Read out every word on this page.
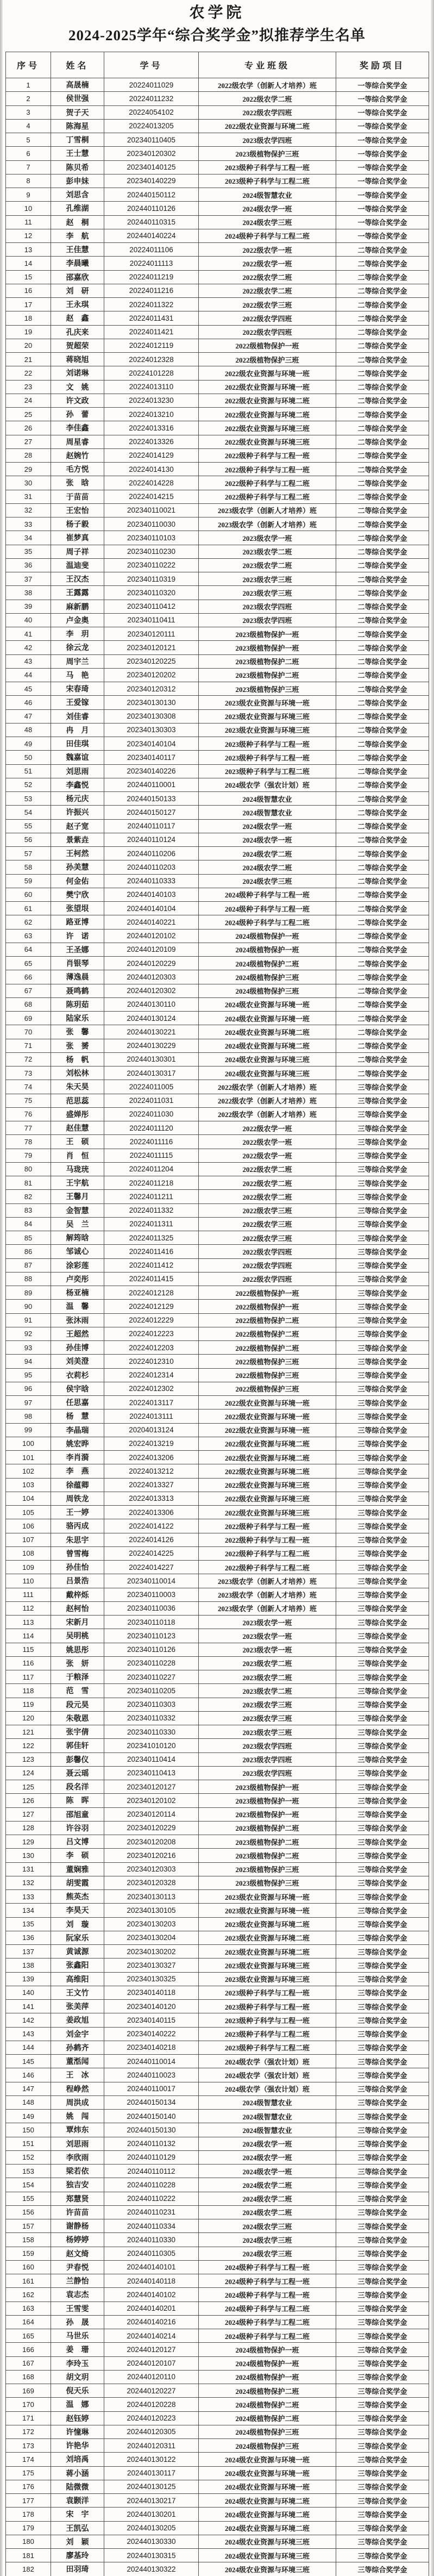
农学院
2024-2025学年“综合奖学金”拟推荐学生名单
序号	姓名	学号	专业班级	奖励项目
1	高晟楠	20224011029	2022级农学（创新人才培养）班	一等综合奖学金
2	侯世强	20224011232	2022级农学二班	一等综合奖学金
3	贺子天	20224054102	2022级农学四班	一等综合奖学金
4	陈海星	20224013205	2022级农业资源与环境二班	一等综合奖学金
5	丁雪桐	202340110405	2023级农学四班	一等综合奖学金
6	王士慧	202340120302	2023级植物保护三班	一等综合奖学金
7	陈贝希	202340140125	2023级种子科学与工程一班	一等综合奖学金
8	彭申妹	202340140229	2023级种子科学与工程二班	一等综合奖学金
9	刘思含	202440150112	2024级智慧农业	一等综合奖学金
10	孔维湖	202440110126	2024级农学一班	一等综合奖学金
11	赵　桐	202440110315	2024级农学三班	一等综合奖学金
12	李　航	202440140224	2024级种子科学与工程二班	一等综合奖学金
13	王佳慧	20224011106	2022级农学一班	二等综合奖学金
14	李晨曦	20224011113	2022级农学一班	二等综合奖学金
15	邵嘉欣	20224011219	2022级农学二班	二等综合奖学金
16	刘　研	20224011216	2022级农学二班	二等综合奖学金
17	王永琪	20224011322	2022级农学三班	二等综合奖学金
18	赵　鑫	20224011431	2022级农学四班	二等综合奖学金
19	孔庆来	20224011421	2022级农学四班	二等综合奖学金
20	贺超荣	20224012119	2022级植物保护一班	二等综合奖学金
21	蒋晓旭	20224012328	2022级植物保护三班	二等综合奖学金
22	刘诺琳	20224101228	2022级农业资源与环境一班	二等综合奖学金
23	文　姚	20224013110	2022级农业资源与环境一班	二等综合奖学金
24	许文政	20224013230	2022级农业资源与环境二班	二等综合奖学金
25	孙　蕾	20224013210	2022级农业资源与环境二班	二等综合奖学金
26	李佳鑫	20224013316	2022级农业资源与环境三班	二等综合奖学金
27	周星睿	20224013326	2022级农业资源与环境三班	二等综合奖学金
28	赵婉竹	20224014129	2022级种子科学与工程一班	二等综合奖学金
29	毛方悦	20224014130	2022级种子科学与工程一班	二等综合奖学金
30	张　晗	20224014228	2022级种子科学与工程二班	二等综合奖学金
31	于苗苗	20224014215	2022级种子科学与工程二班	二等综合奖学金
32	王宏怡	202340110021	2023级农学（创新人才培养）班	二等综合奖学金
33	杨子毅	202340110030	2023级农学（创新人才培养）班	二等综合奖学金
34	崔梦真	202340110103	2023级农学一班	二等综合奖学金
35	周子祥	202340110230	2023级农学二班	二等综合奖学金
36	温迪斐	202340110222	2023级农学二班	二等综合奖学金
37	王汉杰	202340110319	2023级农学三班	二等综合奖学金
38	王露露	202340110320	2023级农学三班	二等综合奖学金
39	麻新鹏	202340110412	2023级农学四班	二等综合奖学金
40	卢金奥	202340110411	2023级农学四班	二等综合奖学金
41	李　玥	202340120111	2023级植物保护一班	二等综合奖学金
42	徐云龙	202340120121	2023级植物保护一班	二等综合奖学金
43	周宇兰	202340120225	2023级植物保护二班	二等综合奖学金
44	马　艳	202340120202	2023级植物保护二班	二等综合奖学金
45	宋春琦	202340120312	2023级植物保护三班	二等综合奖学金
46	王爱镓	202340130130	2023级农业资源与环境一班	二等综合奖学金
47	刘佳睿	202340130308	2023级农业资源与环境三班	二等综合奖学金
48	冉　月	202340130303	2023级农业资源与环境三班	二等综合奖学金
49	田佳琪	202340140104	2023级种子科学与工程一班	二等综合奖学金
50	魏嘉谊	202340140117	2023级种子科学与工程一班	二等综合奖学金
51	刘思雨	202340140226	2023级种子科学与工程二班	二等综合奖学金
52	李鑫悦	202440110001	2024级农学（强农计划）班	二等综合奖学金
53	杨元庆	202440150133	2024级智慧农业	二等综合奖学金
54	许振兴	202440150127	2024级智慧农业	二等综合奖学金
55	赵子宽	202440110117	2024级农学一班	二等综合奖学金
56	景紫垚	202440110124	2024级农学一班	二等综合奖学金
57	王柯然	202440110206	2024级农学二班	二等综合奖学金
58	孙美慧	202440110203	2024级农学二班	二等综合奖学金
59	何金佑	202440110333	2024级农学三班	二等综合奖学金
60	樊宁欣	202440140103	2024级种子科学与工程一班	二等综合奖学金
61	张望垠	202440140104	2024级种子科学与工程一班	二等综合奖学金
62	路亚博	202440140221	2024级种子科学与工程二班	二等综合奖学金
63	许　诺	202440120102	2024级植物保护一班	二等综合奖学金
64	王圣娜	202440120109	2024级植物保护一班	二等综合奖学金
65	肖银琴	202440120229	2024级植物保护二班	二等综合奖学金
66	薄逸晨	202440120303	2024级植物保护三班	二等综合奖学金
67	聂鸣鹤	202440120302	2024级植物保护三班	二等综合奖学金
68	陈玥茹	202440130110	2024级农业资源与环境一班	二等综合奖学金
69	陆家乐	202440130124	2024级农业资源与环境一班	二等综合奖学金
70	张　馨	202440130221	2024级农业资源与环境二班	二等综合奖学金
71	张　赟	202440130229	2024级农业资源与环境二班	二等综合奖学金
72	杨　帆	202440130301	2024级农业资源与环境三班	二等综合奖学金
73	刘松林	202440130317	2024级农业资源与环境三班	二等综合奖学金
74	朱天昊	20224011005	2022级农学（创新人才培养）班	三等综合奖学金
75	范思蕊	20224011031	2022级农学（创新人才培养）班	三等综合奖学金
76	盛婵彤	20224011030	2022级农学（创新人才培养）班	三等综合奖学金
77	赵佳慧	20224011120	2022级农学一班	三等综合奖学金
78	王　硕	20224011116	2022级农学一班	三等综合奖学金
79	肖　恒	20224011115	2022级农学一班	三等综合奖学金
80	马珑珫	20224011204	2022级农学二班	三等综合奖学金
81	王宇航	20224011218	2022级农学二班	三等综合奖学金
82	王馨月	20224011211	2022级农学二班	三等综合奖学金
83	金智慧	20224011332	2022级农学三班	三等综合奖学金
84	吴　兰	20224011311	2022级农学三班	三等综合奖学金
85	解筠晗	20224011325	2022级农学三班	三等综合奖学金
86	邹诚心	20224011416	2022级农学四班	三等综合奖学金
87	涂彩莲	20224011412	2022级农学四班	三等综合奖学金
88	卢奕彤	20224011415	2022级农学四班	三等综合奖学金
89	杨亚楠	20224012128	2022级植物保护一班	三等综合奖学金
90	温　馨	20224012129	2022级植物保护一班	三等综合奖学金
91	张沐雨	20224012229	2022级植物保护二班	三等综合奖学金
92	王超然	20224012223	2022级植物保护二班	三等综合奖学金
93	孙佳博	20224012203	2022级植物保护二班	三等综合奖学金
94	刘美澄	20224012310	2022级植物保护三班	三等综合奖学金
95	衣莉杉	20224012314	2022级植物保护三班	三等综合奖学金
96	侯宇晗	20224012302	2022级植物保护三班	三等综合奖学金
97	任思嘉	20224013117	2022级农业资源与环境一班	三等综合奖学金
98	杨　慧	20224013111	2022级农业资源与环境一班	三等综合奖学金
99	李晶瑞	20204013124	2022级农业资源与环境一班	三等综合奖学金
100	姚宏晔	20224013219	2022级农业资源与环境二班	三等综合奖学金
101	李肖漪	20224013206	2022级农业资源与环境二班	三等综合奖学金
102	李　燕	20224013212	2022级农业资源与环境二班	三等综合奖学金
103	徐蕴卿	20224013327	2022级农业资源与环境三班	三等综合奖学金
104	周铁龙	20224013313	2022级农业资源与环境三班	三等综合奖学金
105	王一婷	20224013306	2022级农业资源与环境三班	三等综合奖学金
106	骆丙成	20224014122	2022级种子科学与工程一班	三等综合奖学金
107	朱思宇	20224014126	2022级种子科学与工程一班	三等综合奖学金
108	曾雪梅	20224014225	2022级种子科学与工程二班	三等综合奖学金
109	孙佳怡	20224014227	2022级种子科学与工程二班	三等综合奖学金
110	吕景浩	202340110014	2023级农学（创新人才培养）班	三等综合奖学金
111	戴梓烁	202340110003	2023级农学（创新人才培养）班	三等综合奖学金
112	赵柯怡	202340110036	2023级农学（创新人才培养）班	三等综合奖学金
113	宋新月	202340110118	2023级农学一班	三等综合奖学金
114	吴明桃	202340110123	2023级农学一班	三等综合奖学金
115	姚思彤	202340110126	2023级农学一班	三等综合奖学金
116	张　妍	202340110228	2023级农学二班	三等综合奖学金
117	于粮泽	202340110227	2023级农学二班	三等综合奖学金
118	范　雪	202340110205	2023级农学二班	三等综合奖学金
119	段元昊	202340110303	2023级农学三班	三等综合奖学金
120	朱敬恩	202340110332	2023级农学三班	三等综合奖学金
121	张宇倩	202340110330	2023级农学三班	三等综合奖学金
122	郭佳轩	202341010120	2023级农学四班	三等综合奖学金
123	彭馨仪	202340110414	2023级农学四班	三等综合奖学金
124	聂云瑶	202340110413	2023级农学四班	三等综合奖学金
125	段名洋	202340120127	2023级植物保护一班	三等综合奖学金
126	陈　晖	202340120102	2023级植物保护一班	三等综合奖学金
127	邵旭童	202340120114	2023级植物保护一班	三等综合奖学金
128	许谷羽	202340120229	2023级植物保护二班	三等综合奖学金
129	吕文博	202340120208	2023级植物保护二班	三等综合奖学金
130	李　硕	202340120216	2023级植物保护二班	三等综合奖学金
131	董娴雅	202340120303	2023级植物保护三班	三等综合奖学金
132	胡雯霞	202340120328	2023级植物保护三班	三等综合奖学金
133	熊英杰	202340130113	2023级农业资源与环境一班	三等综合奖学金
134	李昊天	202340130105	2023级农业资源与环境一班	三等综合奖学金
135	刘　璇	202340130203	2023级农业资源与环境二班	三等综合奖学金
136	阮家乐	202340130204	2023级农业资源与环境二班	三等综合奖学金
137	黄诚源	202340130202	2023级农业资源与环境二班	三等综合奖学金
138	张鑫阳	202340130327	2023级农业资源与环境三班	三等综合奖学金
139	高维阳	202340130325	2023级农业资源与环境三班	三等综合奖学金
140	王文竹	202340140118	2023级种子科学与工程一班	三等综合奖学金
141	张美萍	202340140120	2023级种子科学与工程一班	三等综合奖学金
142	姜政旭	202340140115	2023级种子科学与工程一班	三等综合奖学金
143	刘金宇	202340140222	2023级种子科学与工程二班	三等综合奖学金
144	孙鹤齐	202340140218	2023级种子科学与工程二班	三等综合奖学金
145	董湉闻	202440110014	2024级农学（强农计划）班	三等综合奖学金
146	王　冰	202440110023	2024级农学（强农计划）班	三等综合奖学金
147	程峥然	202440110017	2024级农学（强农计划）班	三等综合奖学金
148	周洪成	202440150134	2024级智慧农业	三等综合奖学金
149	姚　闯	202440150140	2024级智慧农业	三等综合奖学金
150	覃炜东	202440150130	2024级智慧农业	三等综合奖学金
151	刘思雨	202440110132	2024级农学一班	三等综合奖学金
152	李欣雨	202440110129	2024级农学一班	三等综合奖学金
153	梁若依	202440110112	2024级农学一班	三等综合奖学金
154	独吉安	202440110228	2024级农学二班	三等综合奖学金
155	郑慧贤	202440110222	2024级农学二班	三等综合奖学金
156	许苗苗	202440110231	2024级农学二班	三等综合奖学金
157	谢静杨	202440110334	2024级农学三班	三等综合奖学金
158	杨婷婷	202440110330	2024级农学三班	三等综合奖学金
159	赵文绮	202440110305	2024级农学三班	三等综合奖学金
160	尹春悦	202440140101	2024级种子科学与工程一班	三等综合奖学金
161	兰静怡	202440140118	2024级种子科学与工程一班	三等综合奖学金
162	袁志杰	202440140102	2024级种子科学与工程一班	三等综合奖学金
163	王雪雯	202440140201	2024级种子科学与工程二班	三等综合奖学金
164	孙　晟	202440140216	2024级种子科学与工程二班	三等综合奖学金
165	马世乐	202440140214	2024级种子科学与工程二班	三等综合奖学金
166	姜　珊	202440120127	2024级植物保护一班	三等综合奖学金
167	李玲玉	202440120107	2024级植物保护一班	三等综合奖学金
168	胡文玥	202440120110	2024级植物保护一班	三等综合奖学金
169	倪天乐	202440120227	2024级植物保护二班	三等综合奖学金
170	温　娜	202440120228	2024级植物保护二班	三等综合奖学金
171	赵钰婷	202440120223	2024级植物保护二班	三等综合奖学金
172	许憧琳	202440120305	2024级植物保护三班	三等综合奖学金
173	许艳华	202440120311	2024级植物保护三班	三等综合奖学金
174	刘培禹	202440130122	2024级农业资源与环境一班	三等综合奖学金
175	蒋小涵	202440130117	2024级农业资源与环境一班	三等综合奖学金
176	陆微微	202440130125	2024级农业资源与环境一班	三等综合奖学金
177	袁颢洋	202440130217	2024级农业资源与环境二班	三等综合奖学金
178	宋　宇	202440130201	2024级农业资源与环境二班	三等综合奖学金
179	王凯弘	202440130205	2024级农业资源与环境二班	三等综合奖学金
180	刘　颖	202440130330	2024级农业资源与环境三班	三等综合奖学金
181	廖基玲	202440130315	2024级农业资源与环境三班	三等综合奖学金
182	田羽琦	202440130322	2024级农业资源与环境三班	三等综合奖学金
